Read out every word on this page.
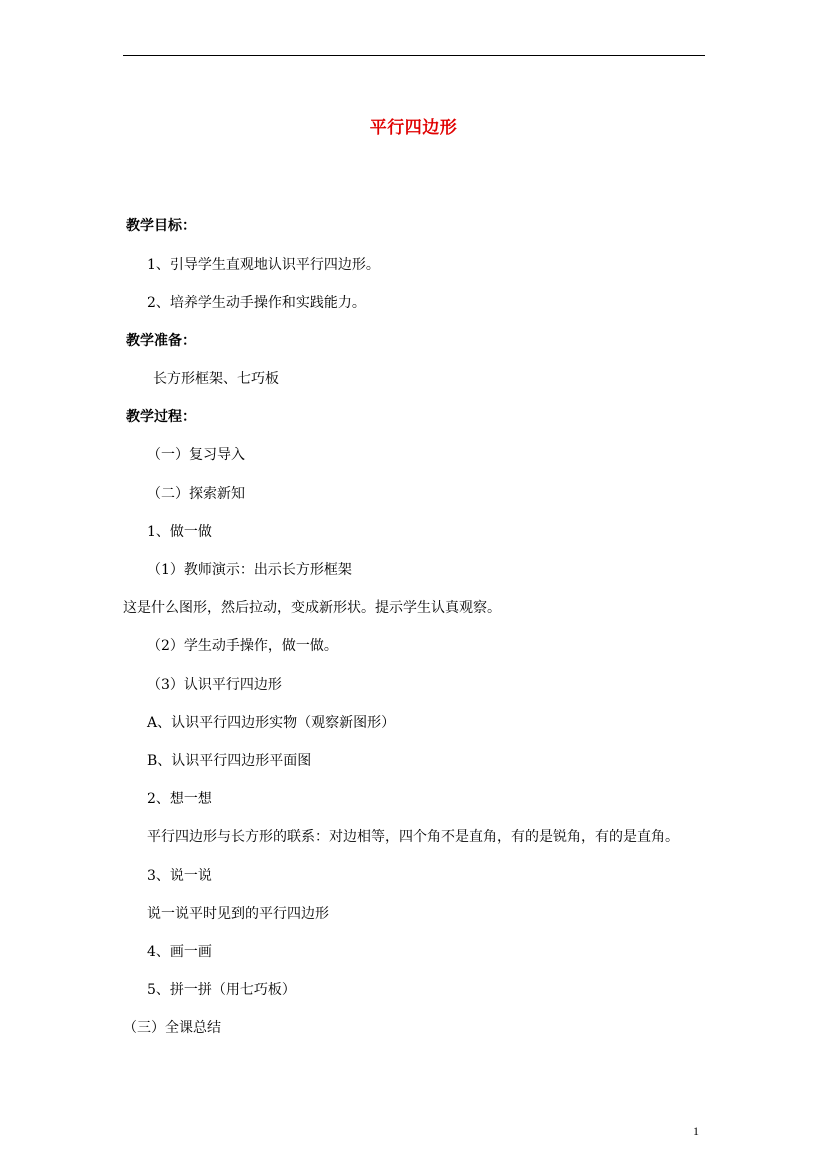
平行四边形
教学目标：
1、引导学生直观地认识平行四边形。
2、培养学生动手操作和实践能力。
教学准备：
长方形框架、七巧板
教学过程：
（一）复习导入
（二）探索新知
1、做一做
（1）教师演示：出示长方形框架
这是什么图形，然后拉动，变成新形状。提示学生认真观察。
（2）学生动手操作，做一做。
（3）认识平行四边形
A、认识平行四边形实物（观察新图形）
B、认识平行四边形平面图
2、想一想
平行四边形与长方形的联系：对边相等，四个角不是直角，有的是锐角，有的是直角。
3、说一说
说一说平时见到的平行四边形
4、画一画
5、拼一拼（用七巧板）
（三）全课总结
1
